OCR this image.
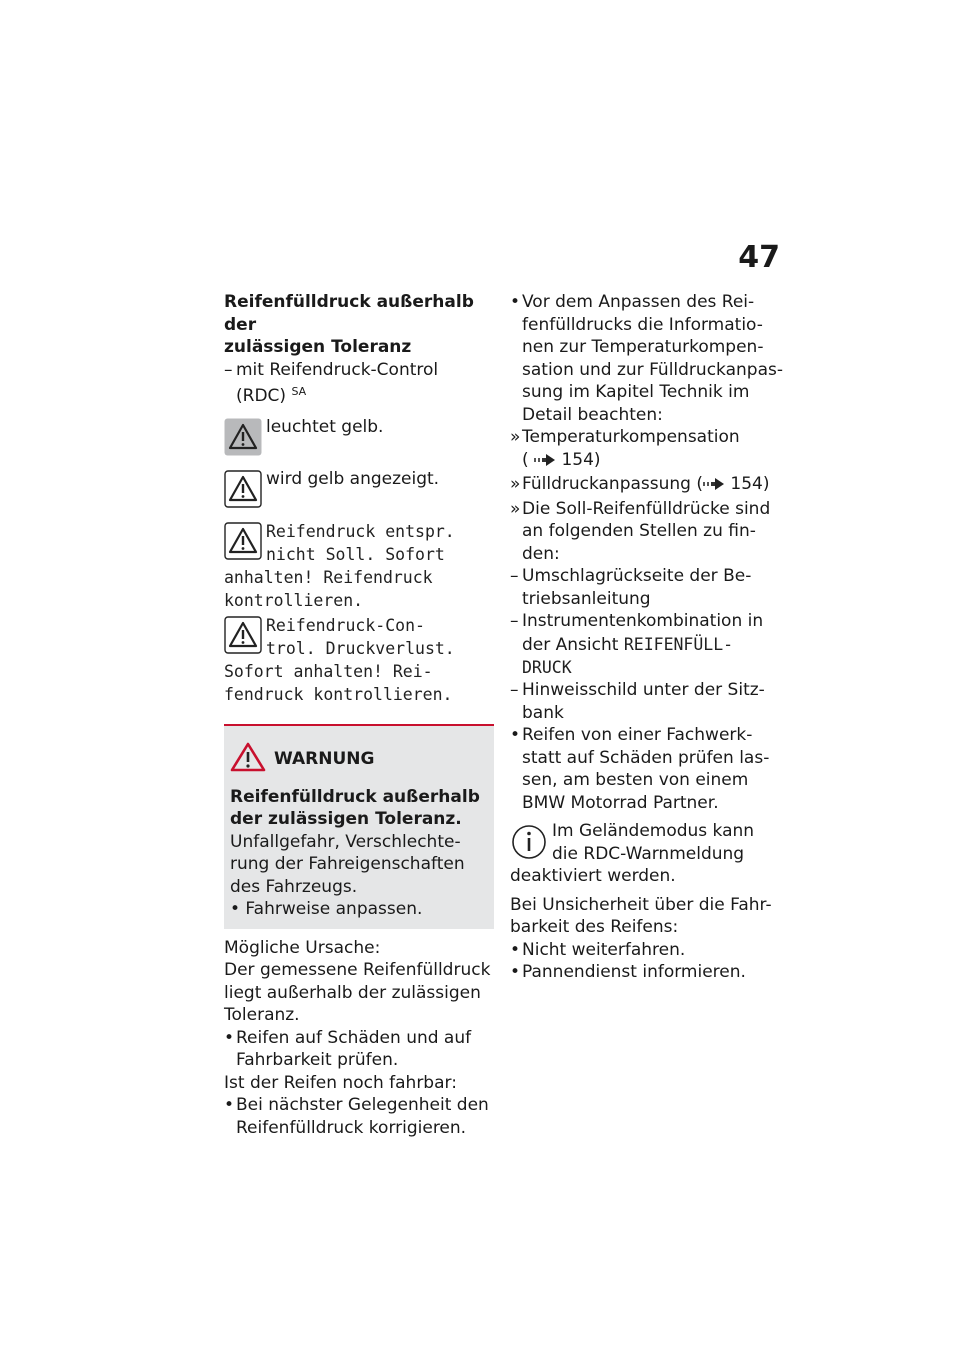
47
Reifenfülldruck außerhalb der
zulässigen Toleranz
– mit Reifendruck-Control
(RDC) $^{SA}$
leuchtet gelb.
wird gelb angezeigt.
Reifendruck entspr.
nicht Soll. Sofort
anhalten! Reifendruck
kontrollieren.
Reifendruck-Con-
trol. Druckverlust.
Sofort anhalten! Rei-
fendruck kontrollieren.
WARNUNG
Reifenfülldruck außerhalb
der zulässigen Toleranz.
Unfallgefahr, Verschlechte-
rung der Fahreigenschaften
des Fahrzeugs.
• Fahrweise anpassen.
Mögliche Ursache:
Der gemessene Reifenfülldruck
liegt außerhalb der zulässigen
Toleranz.
• Reifen auf Schäden und auf
Fahrbarkeit prüfen.
Ist der Reifen noch fahrbar:
• Bei nächster Gelegenheit den
Reifenfülldruck korrigieren.
• Vor dem Anpassen des Rei-
fenfülldrucks die Informatio-
nen zur Temperaturkompen-
sation und zur Fülldruckanpas-
sung im Kapitel Technik im
Detail beachten:
» Temperaturkompensation
( 154)
» Fülldruckanpassung ( 154)
» Die Soll-Reifenfülldrücke sind
an folgenden Stellen zu fin-
den:
– Umschlagrückseite der Be-
triebsanleitung
– Instrumentenkombination in
der Ansicht REIFENFÜLL-
DRUCK
– Hinweisschild unter der Sitz-
bank
• Reifen von einer Fachwerk-
statt auf Schäden prüfen las-
sen, am besten von einem
BMW Motorrad Partner.
Im Geländemodus kann
die RDC-Warnmeldung
deaktiviert werden.
Bei Unsicherheit über die Fahr-
barkeit des Reifens:
• Nicht weiterfahren.
• Pannendienst informieren.
